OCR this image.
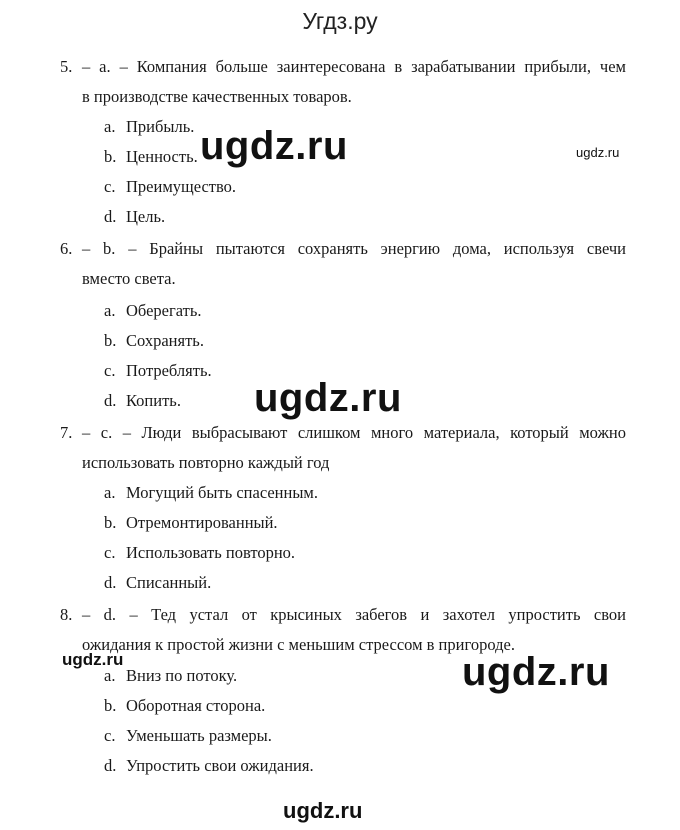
Угдз.ру
5. – a. – Компания больше заинтересована в зарабатывании прибыли, чем
в производстве качественных товаров.
a. Прибыль.
b. Ценность.
c. Преимущество.
d. Цель.
6. – b. – Брайны пытаются сохранять энергию дома, используя свечи
вместо света.
a. Оберегать.
b. Сохранять.
c. Потреблять.
d. Копить.
7. – c. – Люди выбрасывают слишком много материала, который можно
использовать повторно каждый год
a. Могущий быть спасенным.
b. Отремонтированный.
c. Использовать повторно.
d. Списанный.
8. – d. – Тед устал от крысиных забегов и захотел упростить свои
ожидания к простой жизни с меньшим стрессом в пригороде.
a. Вниз по потоку.
b. Оборотная сторона.
c. Уменьшать размеры.
d. Упростить свои ожидания.
ugdz.ru	ugdz.ru
ugdz.ru
ugdz.ru	ugdz.ru
ugdz.ru
